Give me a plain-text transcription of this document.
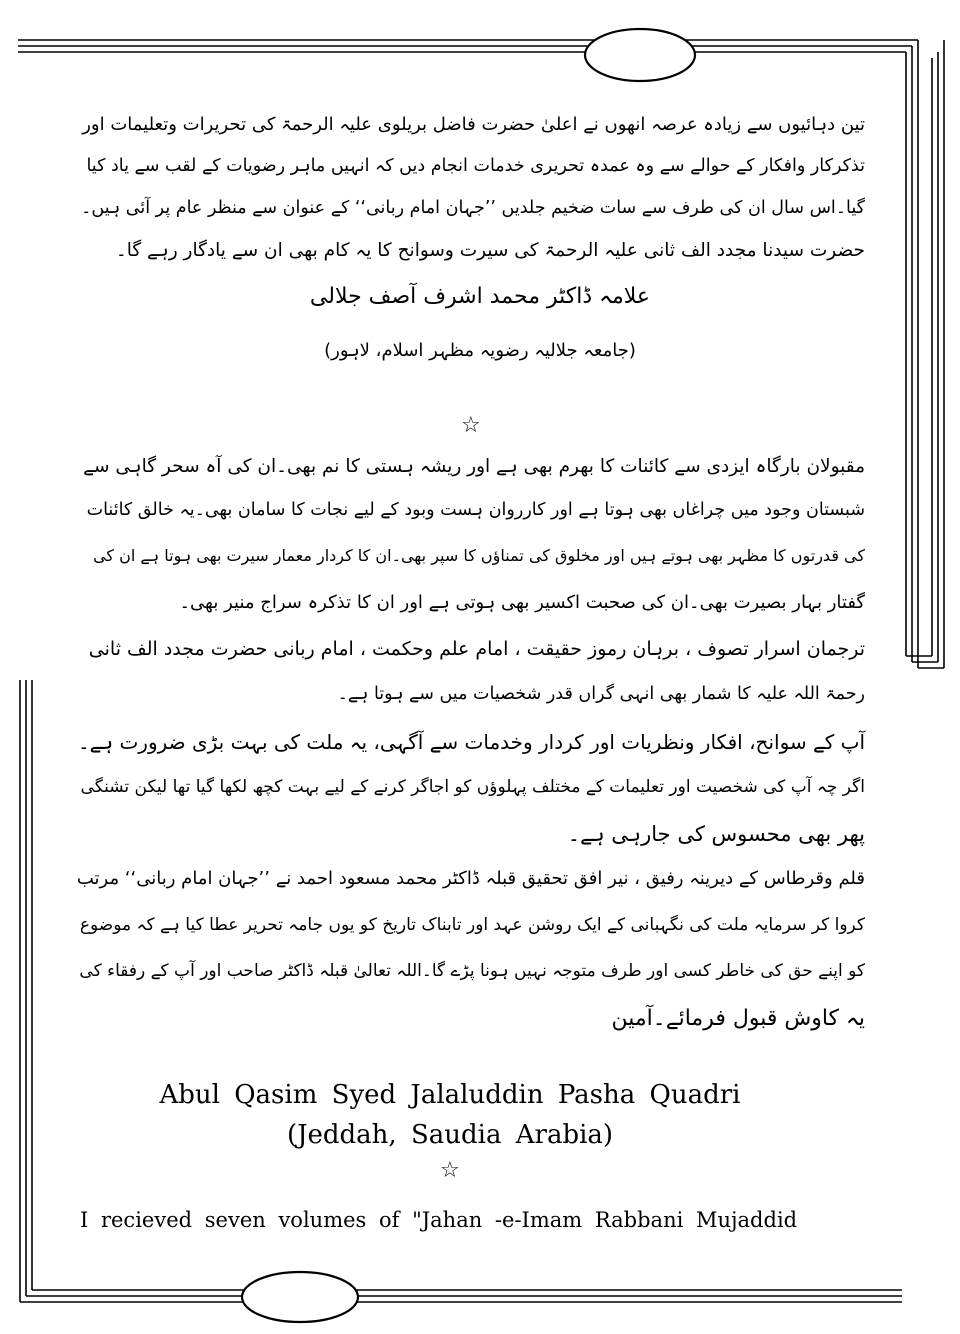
تین دہائیوں سے زیادہ عرصہ انھوں نے اعلیٰ حضرت فاضل بریلوی علیہ الرحمۃ کی تحریرات وتعلیمات اور
تذکرکار وافکار کے حوالے سے وہ عمدہ تحریری خدمات انجام دیں کہ انہیں ماہر رضویات کے لقب سے یاد کیا
گیا۔اس سال ان کی طرف سے سات ضخیم جلدیں ’’جہان امام ربانی‘‘ کے عنوان سے منظر عام پر آئی ہیں۔
حضرت سیدنا مجدد الف ثانی علیہ الرحمۃ کی سیرت وسوانح کا یہ کام بھی ان سے یادگار رہے گا۔
علامہ ڈاکٹر محمد اشرف آصف جلالی
(جامعہ جلالیہ رضویہ مظہر اسلام، لاہور)
☆
مقبولان بارگاہ ایزدی سے کائنات کا بھرم بھی ہے اور ریشہ ہستی کا نم بھی۔ان کی آہ سحر گاہی سے
شبستان وجود میں چراغاں بھی ہوتا ہے اور کارروان ہست وبود کے لیے نجات کا سامان بھی۔یہ خالق کائنات
کی قدرتوں کا مظہر بھی ہوتے ہیں اور مخلوق کی تمناؤں کا سپر بھی۔ان کا کردار معمار سیرت بھی ہوتا ہے ان کی
گفتار بہار بصیرت بھی۔ان کی صحبت اکسیر بھی ہوتی ہے اور ان کا تذکرہ سراج منیر بھی۔
ترجمان اسرار تصوف ، برہان رموز حقیقت ، امام علم وحکمت ، امام ربانی حضرت مجدد الف ثانی
رحمۃ اللہ علیہ کا شمار بھی انہی گراں قدر شخصیات میں سے ہوتا ہے۔
آپ کے سوانح، افکار ونظریات اور کردار وخدمات سے آگہی، یہ ملت کی بہت بڑی ضرورت ہے۔
اگر چہ آپ کی شخصیت اور تعلیمات کے مختلف پہلوؤں کو اجاگر کرنے کے لیے بہت کچھ لکھا گیا تھا لیکن تشنگی
پھر بھی محسوس کی جارہی ہے۔
قلم وقرطاس کے دیرینہ رفیق ، نیر افق تحقیق قبلہ ڈاکٹر محمد مسعود احمد نے ’’جہان امام ربانی‘‘ مرتب
کروا کر سرمایہ ملت کی نگہبانی کے ایک روشن عہد اور تابناک تاریخ کو یوں جامہ تحریر عطا کیا ہے کہ موضوع
کو اپنے حق کی خاطر کسی اور طرف متوجہ نہیں ہونا پڑے گا۔اللہ تعالیٰ قبلہ ڈاکٹر صاحب اور آپ کے رفقاء کی
یہ کاوش قبول فرمائے۔آمین
Abul Qasim Syed Jalaluddin Pasha Quadri
(Jeddah, Saudia Arabia)
☆
I recieved seven volumes of "Jahan -e-Imam Rabbani Mujaddid
